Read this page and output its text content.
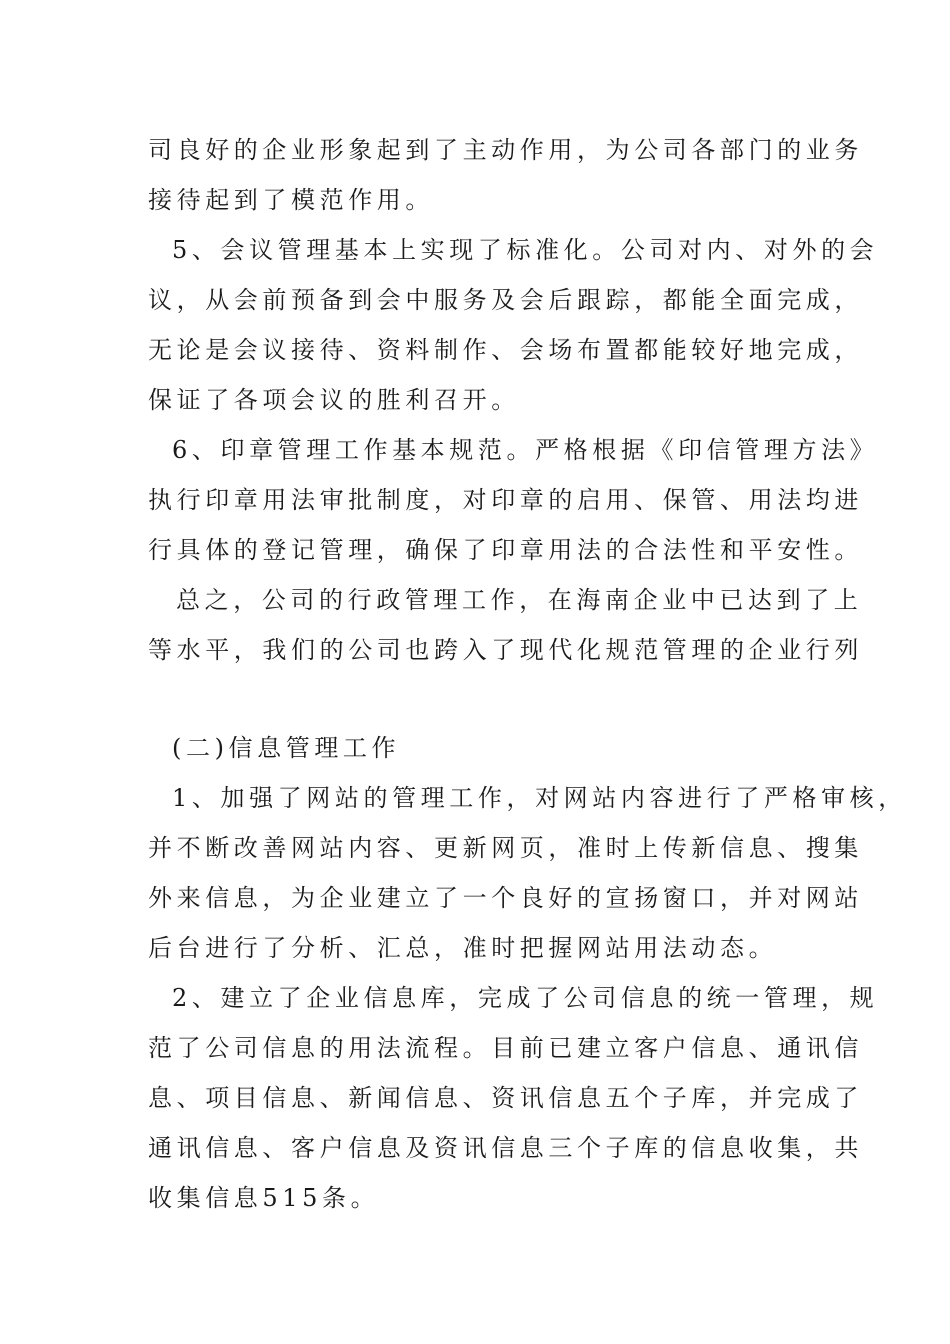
司良好的企业形象起到了主动作用，为公司各部门的业务
接待起到了模范作用。
5、会议管理基本上实现了标准化。公司对内、对外的会
议，从会前预备到会中服务及会后跟踪，都能全面完成，
无论是会议接待、资料制作、会场布置都能较好地完成，
保证了各项会议的胜利召开。
6、印章管理工作基本规范。严格根据《印信管理方法》
执行印章用法审批制度，对印章的启用、保管、用法均进
行具体的登记管理，确保了印章用法的合法性和平安性。
总之，公司的行政管理工作，在海南企业中已达到了上
等水平，我们的公司也跨入了现代化规范管理的企业行列
(二)信息管理工作
1、加强了网站的管理工作，对网站内容进行了严格审核，
并不断改善网站内容、更新网页，准时上传新信息、搜集
外来信息，为企业建立了一个良好的宣扬窗口，并对网站
后台进行了分析、汇总，准时把握网站用法动态。
2、建立了企业信息库，完成了公司信息的统一管理，规
范了公司信息的用法流程。目前已建立客户信息、通讯信
息、项目信息、新闻信息、资讯信息五个子库，并完成了
通讯信息、客户信息及资讯信息三个子库的信息收集，共
收集信息515条。
